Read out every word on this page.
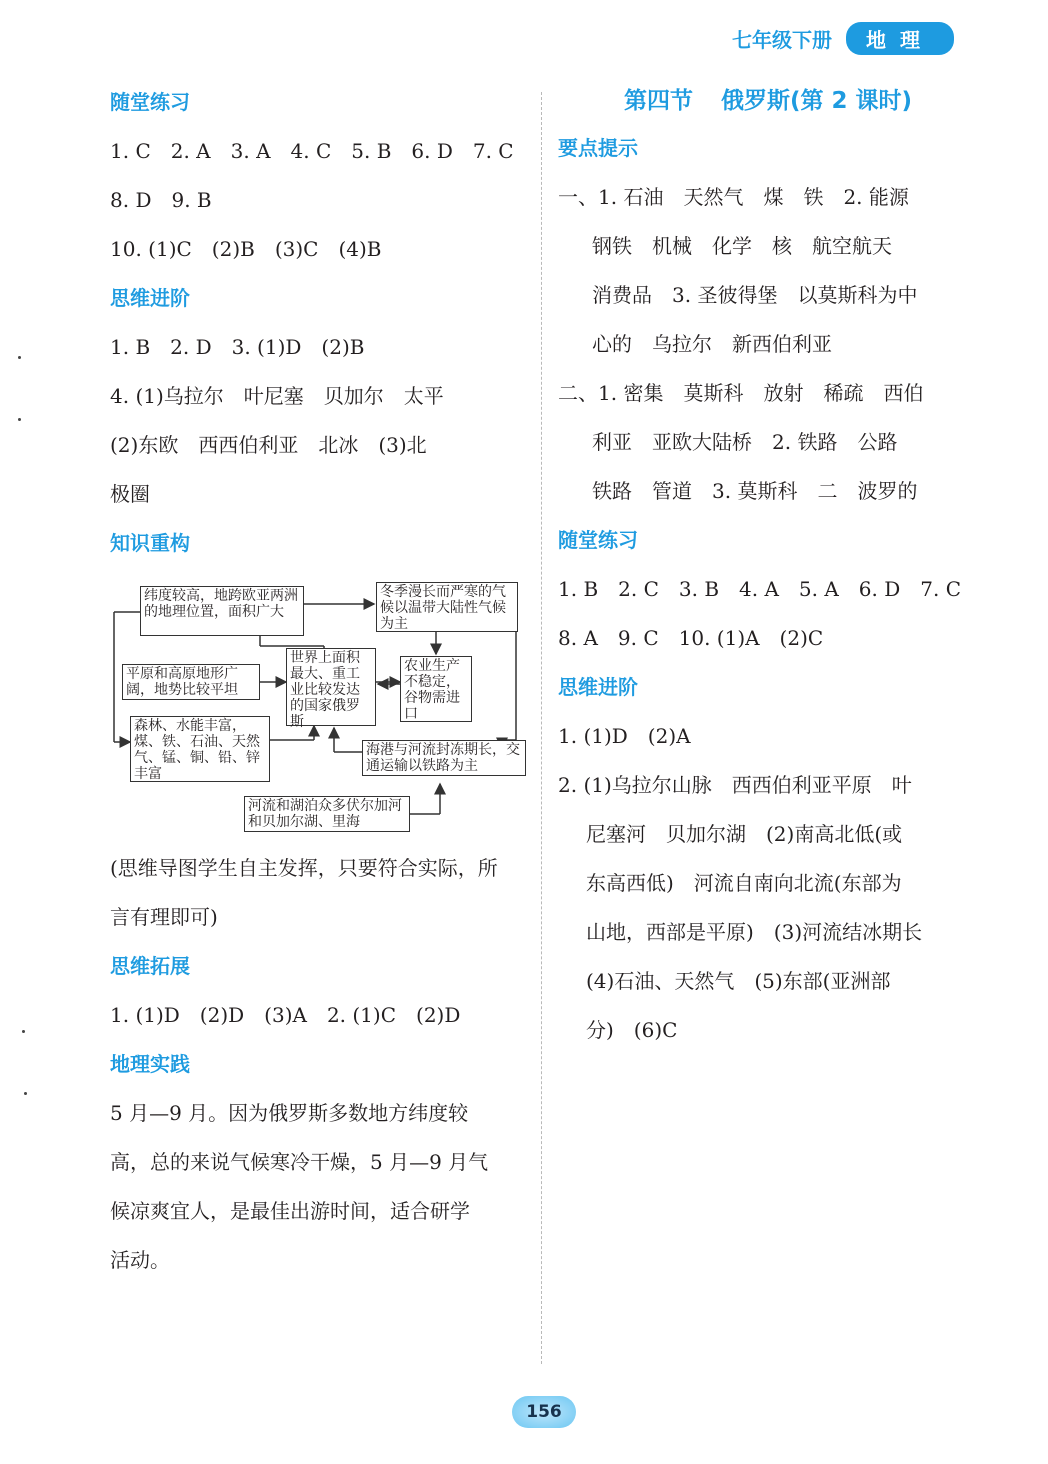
七年级下册	地理
随堂练习
1. C　2. A　3. A　4. C　5. B　6. D　7. C
8. D　9. B
10. (1)C　(2)B　(3)C　(4)B
思维进阶
1. B　2. D　3. (1)D　(2)B
4. (1)乌拉尔　叶尼塞　贝加尔　太平
(2)东欧　西西伯利亚　北冰　(3)北
极圈
知识重构
纬度较高，地跨欧亚两洲的地理位置，面积广大
冬季漫长而严寒的气候以温带大陆性气候为主
平原和高原地形广阔，地势比较平坦
世界上面积最大、重工业比较发达的国家俄罗斯
农业生产不稳定，谷物需进口
森林、水能丰富，煤、铁、石油、天然气、锰、铜、铅、锌丰富
海港与河流封冻期长，交通运输以铁路为主
河流和湖泊众多伏尔加河和贝加尔湖、里海
(思维导图学生自主发挥，只要符合实际，所
言有理即可)
思维拓展
1. (1)D　(2)D　(3)A　2. (1)C　(2)D
地理实践
5 月—9 月。因为俄罗斯多数地方纬度较
高，总的来说气候寒冷干燥，5 月—9 月气
候凉爽宜人，是最佳出游时间，适合研学
活动。
第四节 俄罗斯(第 2 课时)
要点提示
一、1. 石油　天然气　煤　铁　2. 能源
钢铁　机械　化学　核　航空航天
消费品　3. 圣彼得堡　以莫斯科为中
心的　乌拉尔　新西伯利亚
二、1. 密集　莫斯科　放射　稀疏　西伯
利亚　亚欧大陆桥　2. 铁路　公路
铁路　管道　3. 莫斯科　二　波罗的
随堂练习
1. B　2. C　3. B　4. A　5. A　6. D　7. C
8. A　9. C　10. (1)A　(2)C
思维进阶
1. (1)D　(2)A
2. (1)乌拉尔山脉　西西伯利亚平原　叶
尼塞河　贝加尔湖　(2)南高北低(或
东高西低)　河流自南向北流(东部为
山地，西部是平原)　(3)河流结冰期长
(4)石油、天然气　(5)东部(亚洲部
分)　(6)C
156
